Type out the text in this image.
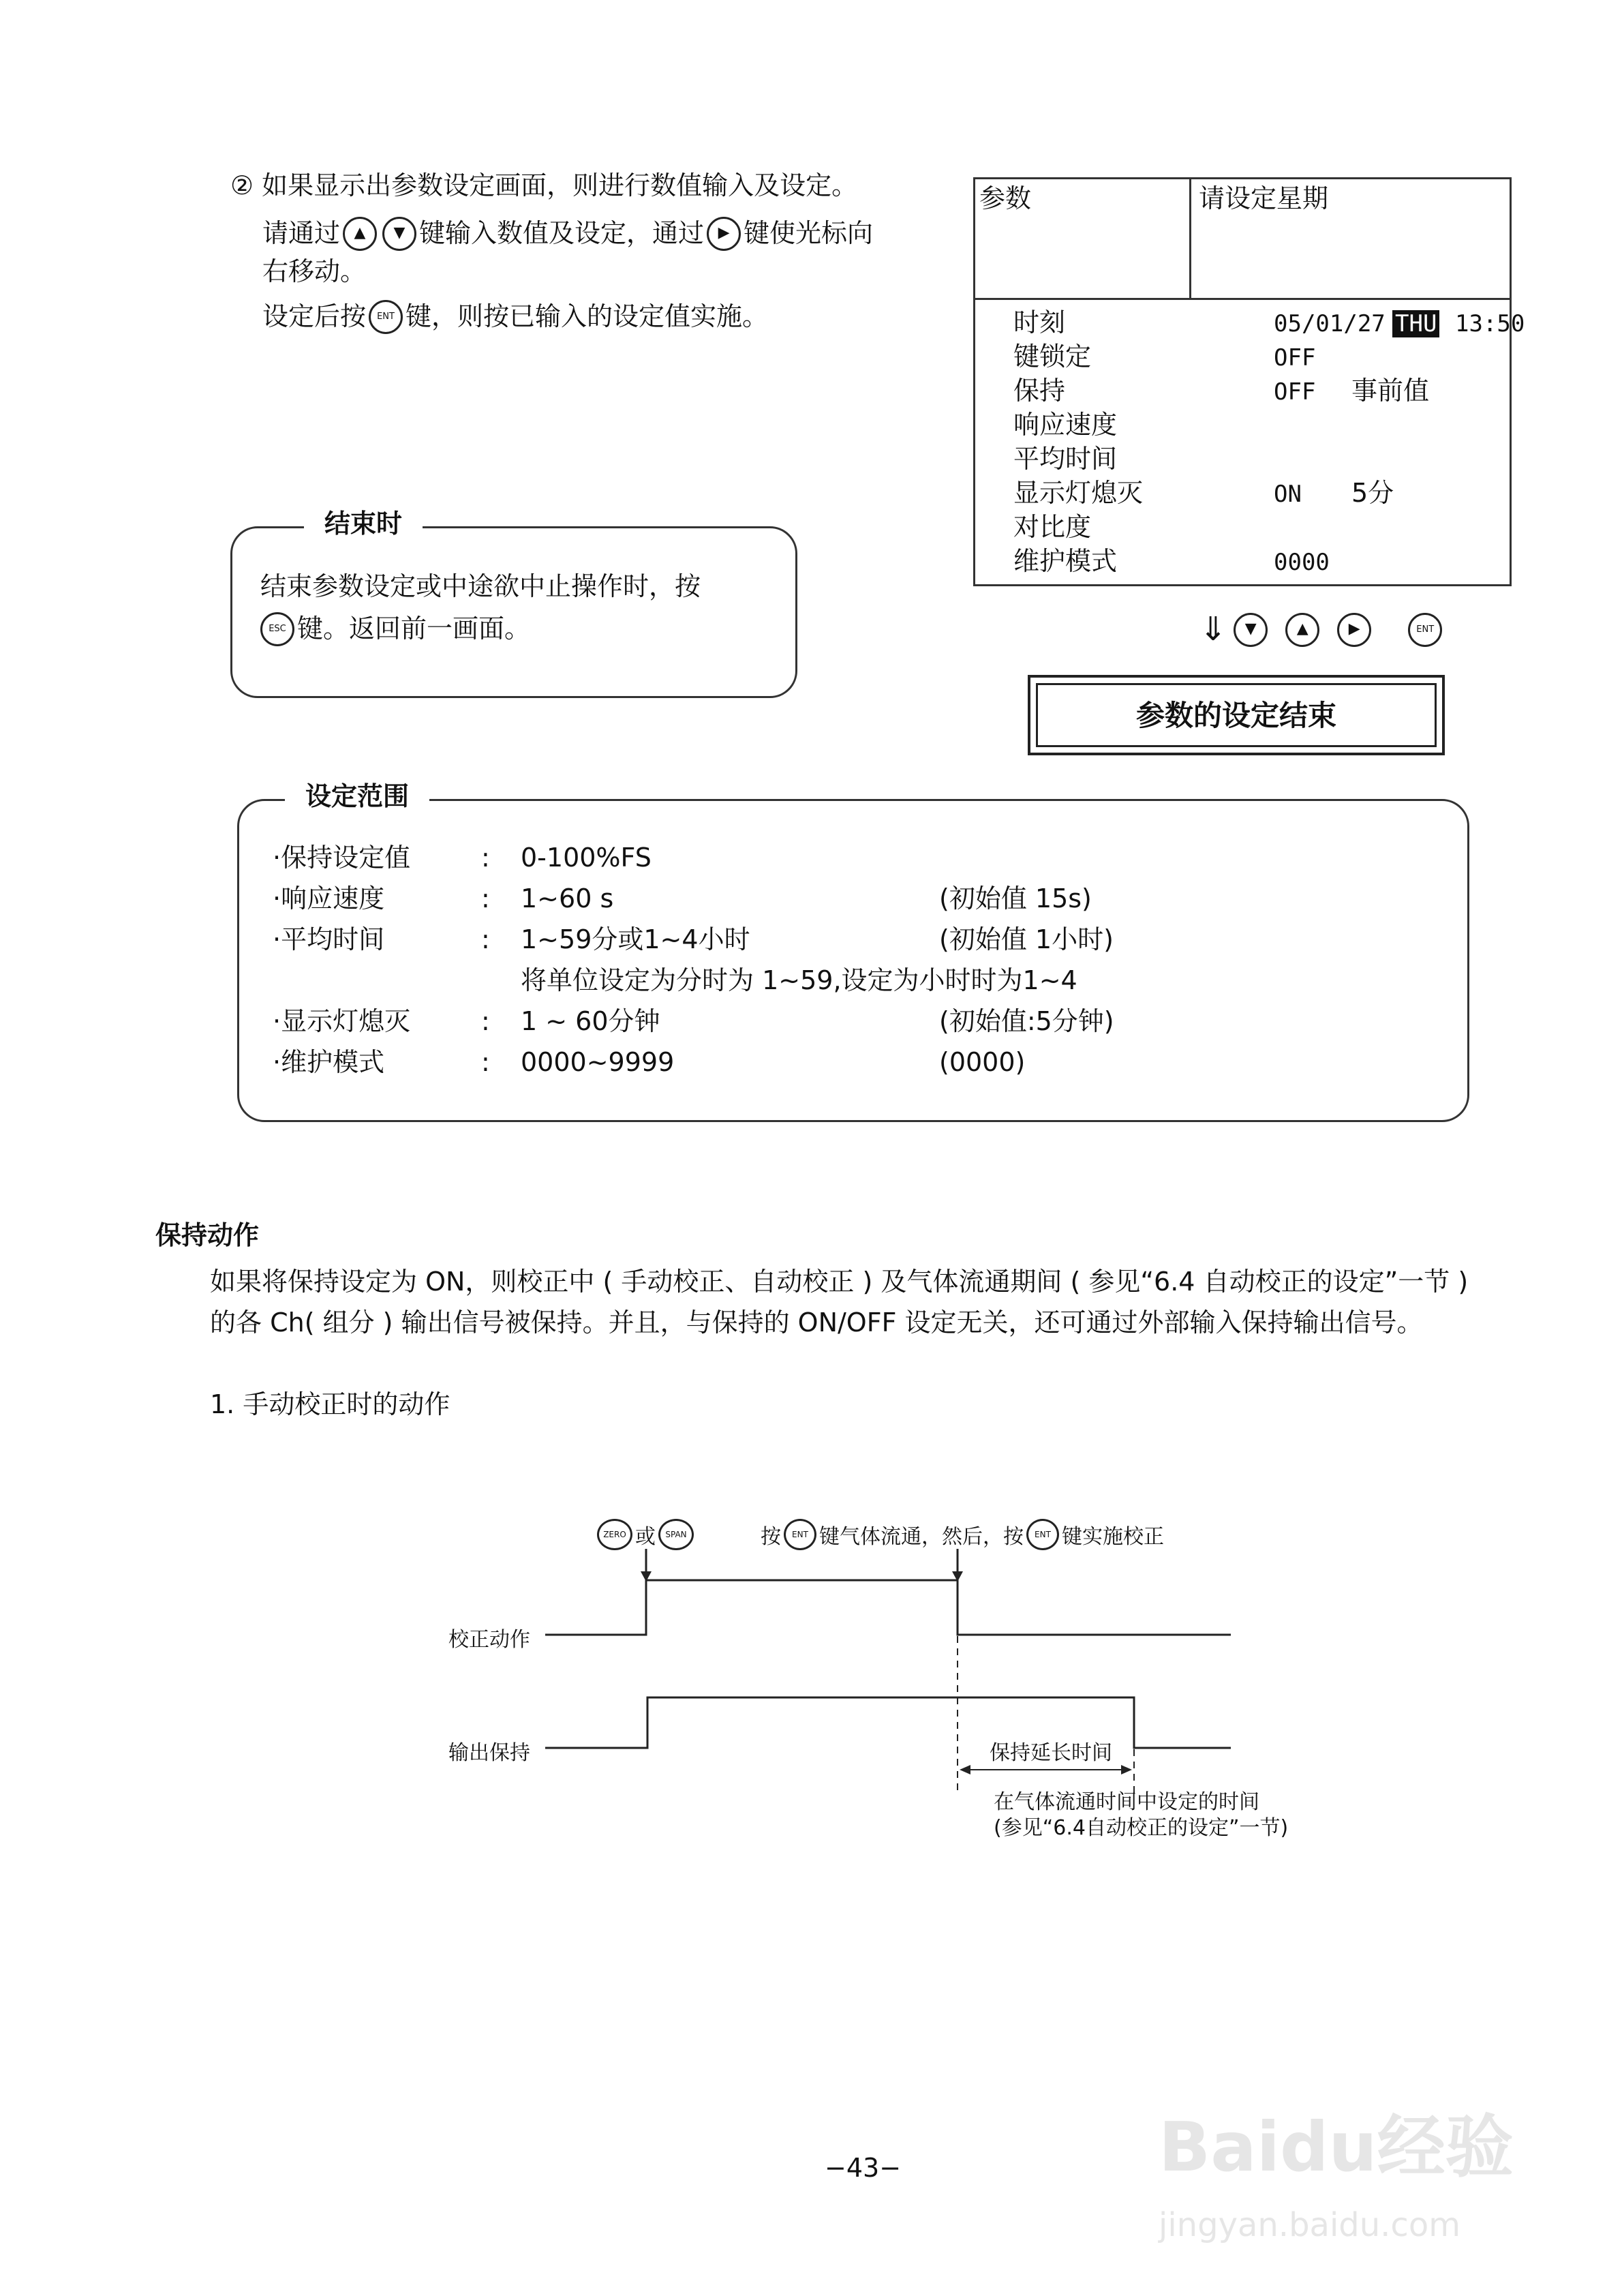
② 如果显示出参数设定画面，则进行数值输入及设定。
请通过 ▲	▼ 键输入数值及设定，通过 ▶ 键使光标向
右移动。
设定后按	ENT 键，则按已输入的设定值实施。
参数	请设定星期
时刻	05/01/27 THU 13:50
键锁定	OFF
保持	OFF 事前值
响应速度
平均时间
显示灯熄灭	ON 5分
对比度
维护模式	0000
⇓	▼	▲	▶	ENT
参数的设定结束
结束时
结束参数设定或中途欲中止操作时，按
ESC 键。返回前一画面。
设定范围
·保持设定值	: 0-100%FS
·响应速度	: 1~60 s	(初始值 15s)
·平均时间	: 1~59分或1~4小时	(初始值 1小时)
将单位设定为分时为 1~59,设定为小时时为1~4
·显示灯熄灭	: 1 ~ 60分钟	(初始值:5分钟)
·维护模式	: 0000~9999	(0000)
保持动作
如果将保持设定为 ON，则校正中 ( 手动校正、自动校正 ) 及气体流通期间 ( 参见“6.4 自动校正的设定”一节 )
的各 Ch( 组分 ) 输出信号被保持。并且，与保持的 ON/OFF 设定无关，还可通过外部输入保持输出信号。
1. 手动校正时的动作
ZERO 或	SPAN	按	ENT 键气体流通，然后，按	ENT 键实施校正
校正动作
输出保持	保持延长时间
在气体流通时间中设定的时间
(参见“6.4自动校正的设定”一节)
−43−	Baidu经验
jingyan.baidu.com
